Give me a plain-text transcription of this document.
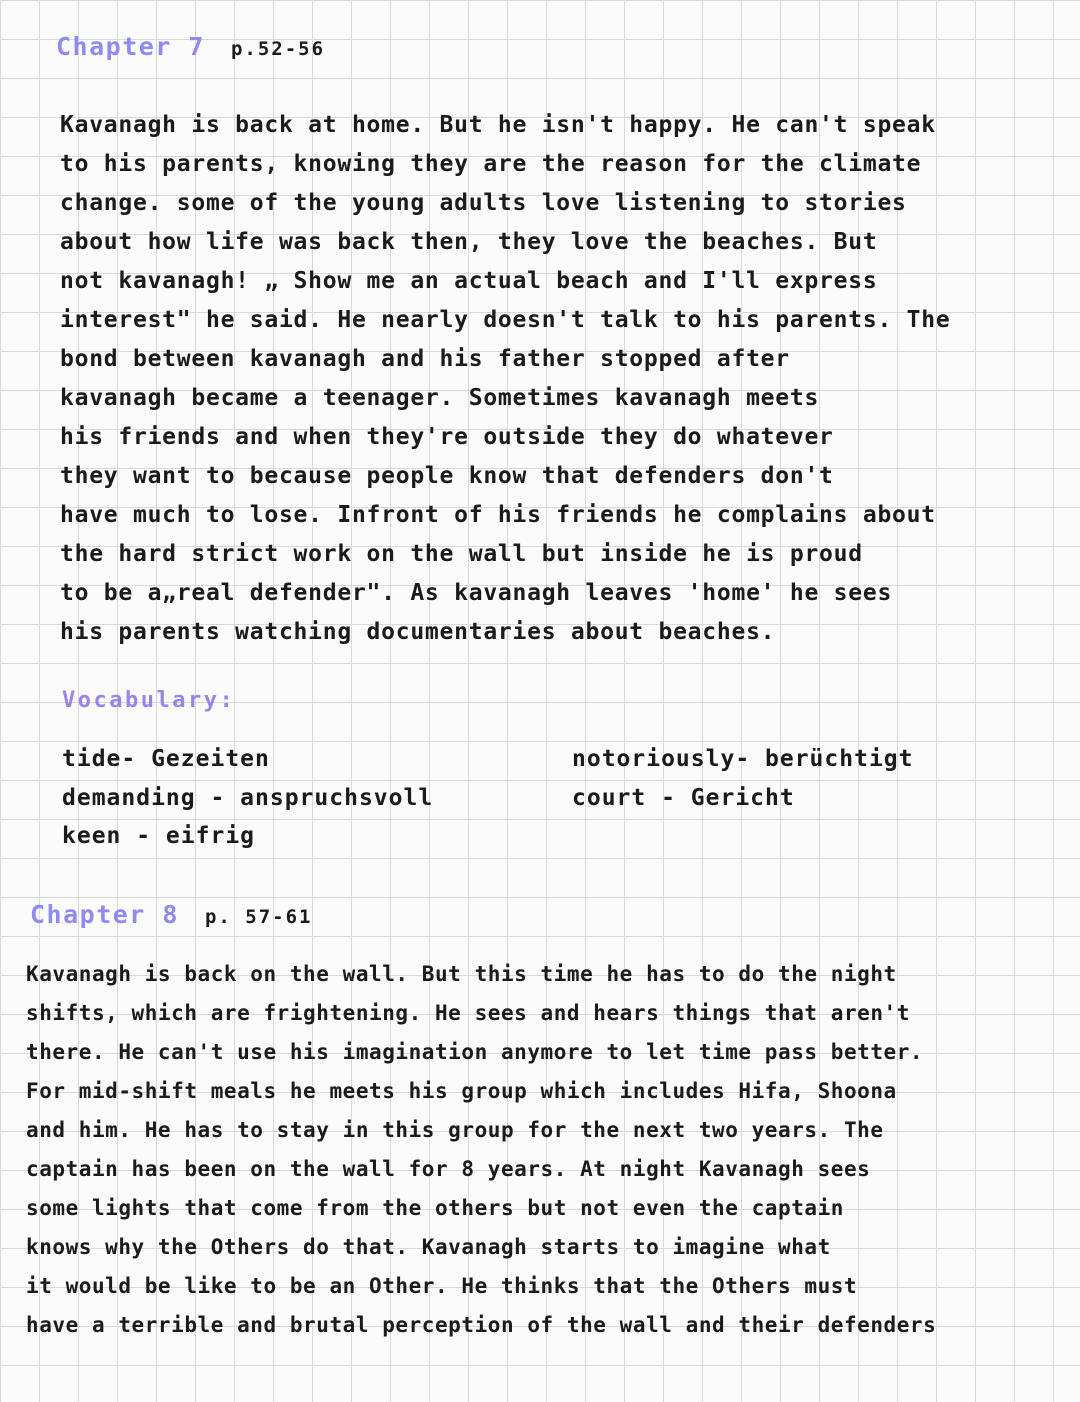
Chapter 7 p.52-56
Kavanagh is back at home. But he isn't happy. He can't speak
to his parents, knowing they are the reason for the climate
change. some of the young adults love listening to stories
about how life was back then, they love the beaches. But
not kavanagh! „ Show me an actual beach and I'll express
interest" he said. He nearly doesn't talk to his parents. The
bond between kavanagh and his father stopped after
kavanagh became a teenager. Sometimes kavanagh meets
his friends and when they're outside they do whatever
they want to because people know that defenders don't
have much to lose. Infront of his friends he complains about
the hard strict work on the wall but inside he is proud
to be a„real defender". As kavanagh leaves 'home' he sees
his parents watching documentaries about beaches.
Vocabulary:
tide- Gezeiten
demanding - anspruchsvoll
keen - eifrig
notoriously- berüchtigt
court - Gericht
Chapter 8 p. 57-61
Kavanagh is back on the wall. But this time he has to do the night
shifts, which are frightening. He sees and hears things that aren't
there. He can't use his imagination anymore to let time pass better.
For mid-shift meals he meets his group which includes Hifa, Shoona
and him. He has to stay in this group for the next two years. The
captain has been on the wall for 8 years. At night Kavanagh sees
some lights that come from the others but not even the captain
knows why the Others do that. Kavanagh starts to imagine what
it would be like to be an Other. He thinks that the Others must
have a terrible and brutal perception of the wall and their defenders
